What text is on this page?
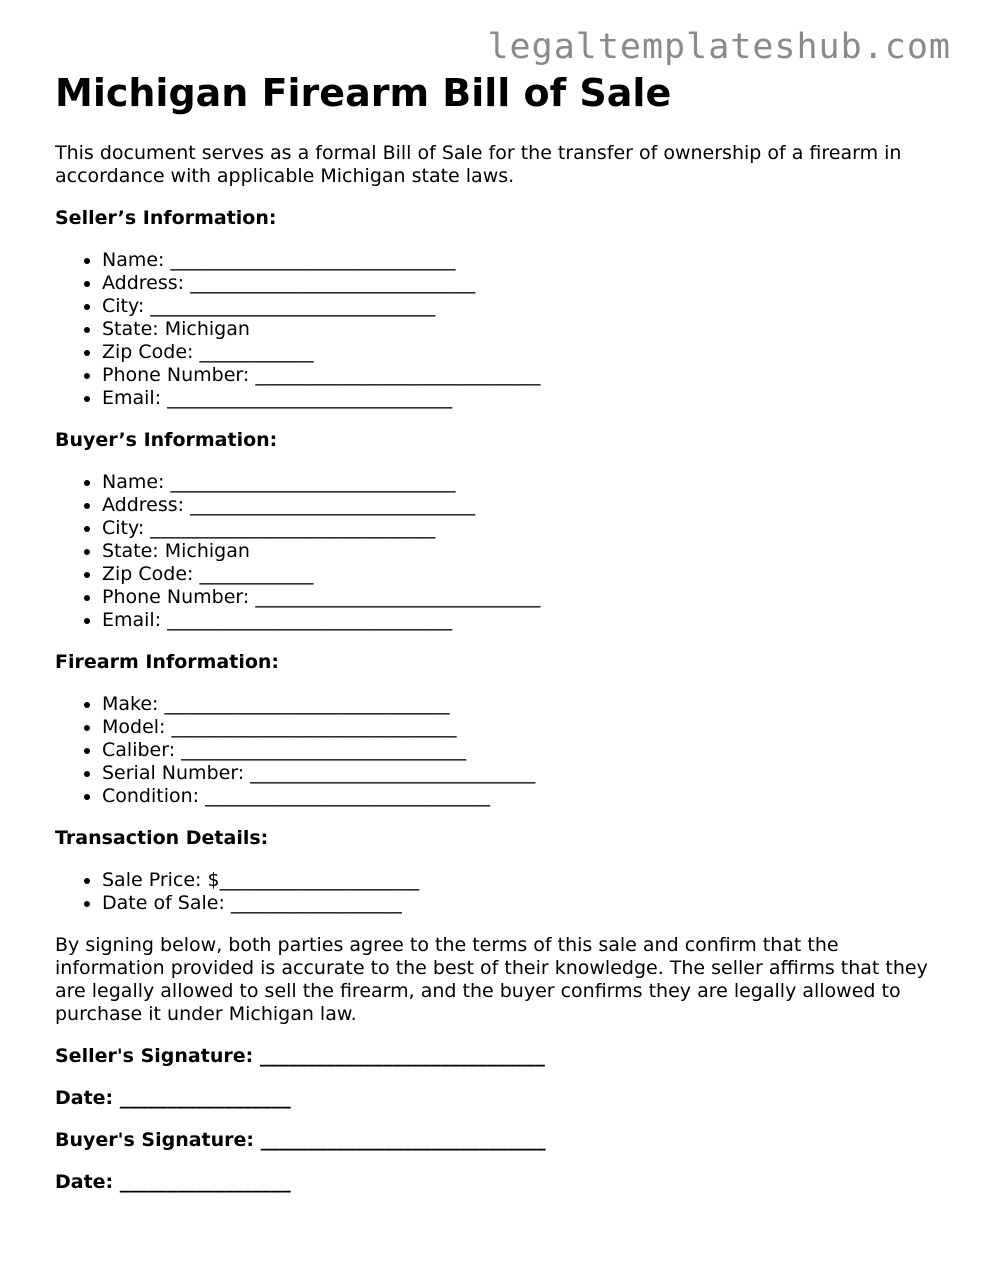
legaltemplateshub.com
Michigan Firearm Bill of Sale

This document serves as a formal Bill of Sale for the transfer of ownership of a firearm in accordance with applicable Michigan state laws.

Seller’s Information:
• Name: ______________________________
• Address: ______________________________
• City: ______________________________
• State: Michigan
• Zip Code: ____________
• Phone Number: ______________________________
• Email: ______________________________
Buyer’s Information:
• Name: ______________________________
• Address: ______________________________
• City: ______________________________
• State: Michigan
• Zip Code: ____________
• Phone Number: ______________________________
• Email: ______________________________
Firearm Information:
• Make: ______________________________
• Model: ______________________________
• Caliber: ______________________________
• Serial Number: ______________________________
• Condition: ______________________________
Transaction Details:
• Sale Price: $_____________________
• Date of Sale: __________________

By signing below, both parties agree to the terms of this sale and confirm that the information provided is accurate to the best of their knowledge. The seller affirms that they are legally allowed to sell the firearm, and the buyer confirms they are legally allowed to purchase it under Michigan law.

Seller's Signature: ______________________________
Date: __________________
Buyer's Signature: ______________________________
Date: __________________
